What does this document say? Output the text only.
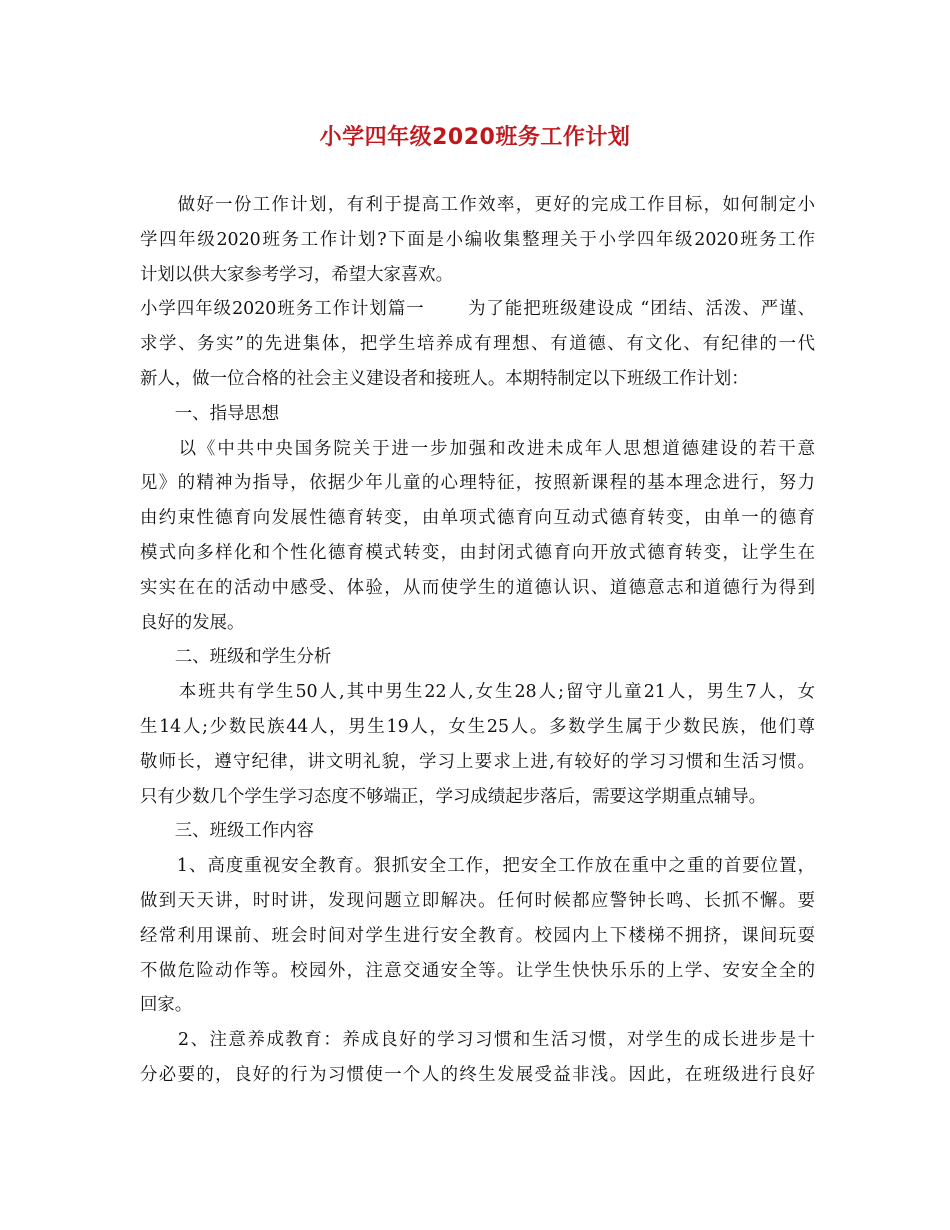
小学四年级2020班务工作计划
　　做好一份工作计划，有利于提高工作效率，更好的完成工作目标，如何制定小
学四年级2020班务工作计划?下面是小编收集整理关于小学四年级2020班务工作
计划以供大家参考学习，希望大家喜欢。
小学四年级2020班务工作计划篇一　　 为了能把班级建设成 “团结、活泼、严谨、
求学、务实”的先进集体，把学生培养成有理想、有道德、有文化、有纪律的一代
新人，做一位合格的社会主义建设者和接班人。本期特制定以下班级工作计划：
　　一、指导思想
　　以《中共中央国务院关于进一步加强和改进未成年人思想道德建设的若干意
见》的精神为指导，依据少年儿童的心理特征，按照新课程的基本理念进行，努力
由约束性德育向发展性德育转变，由单项式德育向互动式德育转变，由单一的德育
模式向多样化和个性化德育模式转变，由封闭式德育向开放式德育转变，让学生在
实实在在的活动中感受、体验，从而使学生的道德认识、道德意志和道德行为得到
良好的发展。
　　二、班级和学生分析
　　本班共有学生50人,其中男生22人,女生28人;留守儿童21人，男生7人，女
生14人;少数民族44人，男生19人，女生25人。多数学生属于少数民族，他们尊
敬师长，遵守纪律，讲文明礼貌，学习上要求上进,有较好的学习习惯和生活习惯。
只有少数几个学生学习态度不够端正，学习成绩起步落后，需要这学期重点辅导。
　　三、班级工作内容
　　1、高度重视安全教育。狠抓安全工作，把安全工作放在重中之重的首要位置，
做到天天讲，时时讲，发现问题立即解决。任何时候都应警钟长鸣、长抓不懈。要
经常利用课前、班会时间对学生进行安全教育。校园内上下楼梯不拥挤，课间玩耍
不做危险动作等。校园外，注意交通安全等。让学生快快乐乐的上学、安安全全的
回家。
　　2、注意养成教育：养成良好的学习习惯和生活习惯，对学生的成长进步是十
分必要的，良好的行为习惯使一个人的终生发展受益非浅。因此，在班级进行良好
